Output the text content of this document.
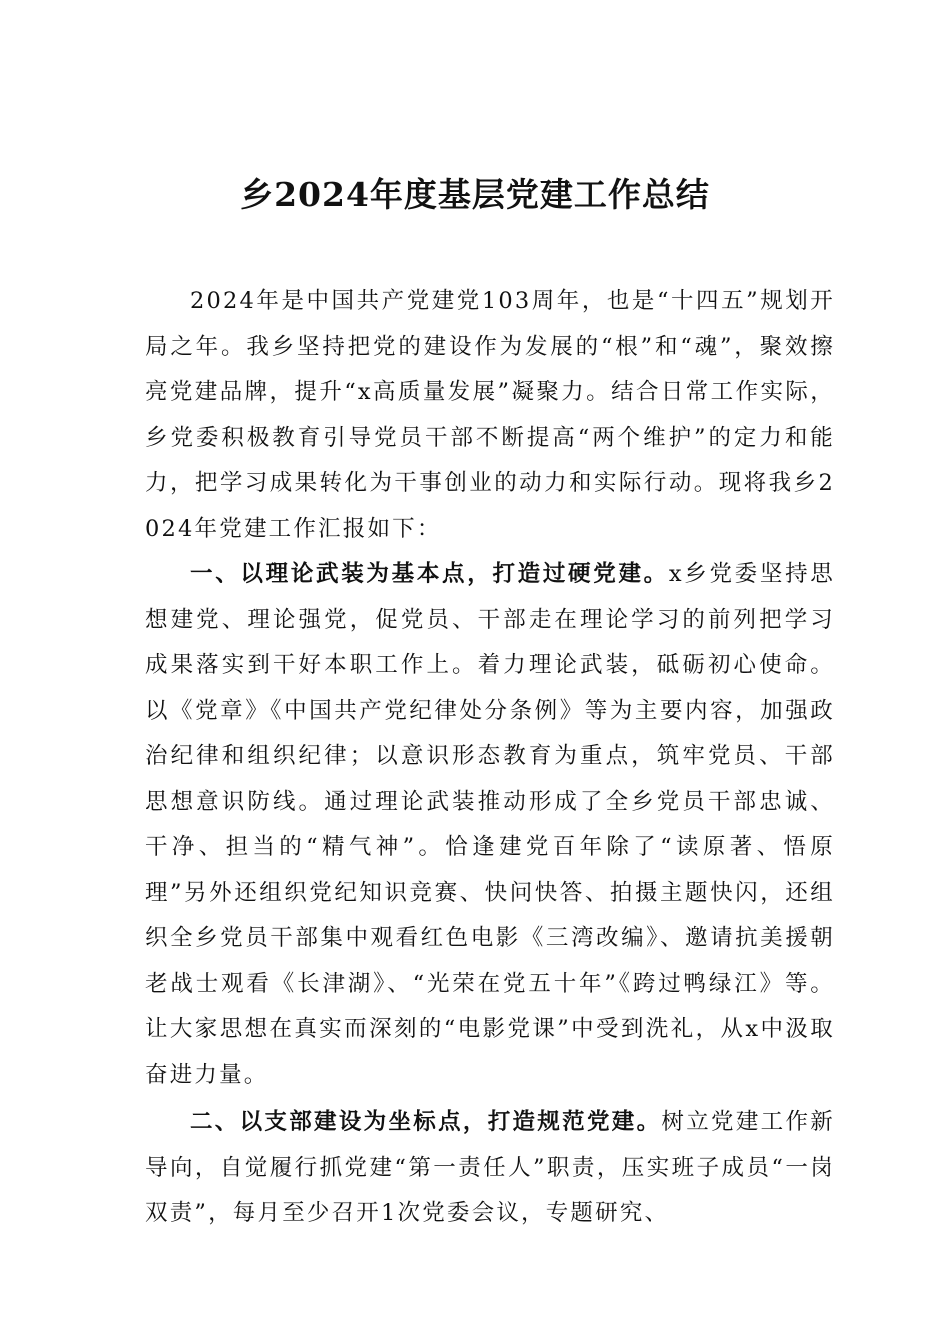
乡2024年度基层党建工作总结

2024年是中国共产党建党103周年，也是“十四五”规划开局之年。我乡坚持把党的建设作为发展的“根”和“魂”，聚效擦亮党建品牌，提升“x高质量发展”凝聚力。结合日常工作实际，乡党委积极教育引导党员干部不断提高“两个维护”的定力和能力，把学习成果转化为干事创业的动力和实际行动。现将我乡2024年党建工作汇报如下：

一、以理论武装为基本点，打造过硬党建。x乡党委坚持思想建党、理论强党，促党员、干部走在理论学习的前列把学习成果落实到干好本职工作上。着力理论武装，砥砺初心使命。以《党章》《中国共产党纪律处分条例》等为主要内容，加强政治纪律和组织纪律；以意识形态教育为重点，筑牢党员、干部思想意识防线。通过理论武装推动形成了全乡党员干部忠诚、干净、担当的“精气神”。恰逢建党百年除了“读原著、悟原理”另外还组织党纪知识竞赛、快问快答、拍摄主题快闪，还组织全乡党员干部集中观看红色电影《三湾改编》、邀请抗美援朝老战士观看《长津湖》、“光荣在党五十年”《跨过鸭绿江》等。让大家思想在真实而深刻的“电影党课”中受到洗礼，从x中汲取奋进力量。

二、以支部建设为坐标点，打造规范党建。树立党建工作新导向，自觉履行抓党建“第一责任人”职责，压实班子成员“一岗双责”，每月至少召开1次党委会议，专题研究、
